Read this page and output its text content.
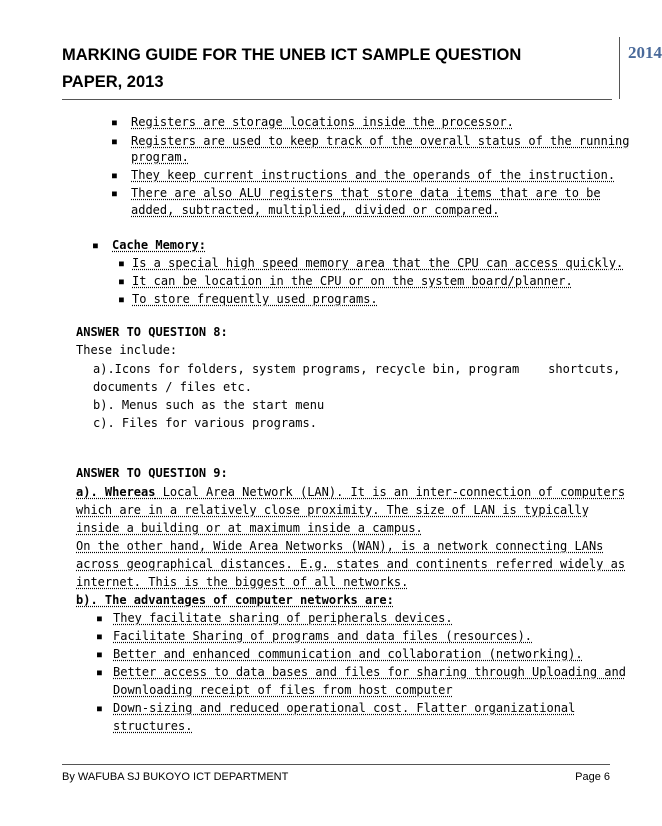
MARKING GUIDE FOR THE UNEB ICT SAMPLE QUESTION
PAPER, 2013
2014
■ Registers are storage locations inside the processor.
■ Registers are used to keep track of the overall status of the running
program.
■ They keep current instructions and the operands of the instruction.
■ There are also ALU registers that store data items that are to be
added, subtracted, multiplied, divided or compared.
■ Cache Memory:
■ Is a special high speed memory area that the CPU can access quickly.
■ It can be location in the CPU or on the system board/planner.
■ To store frequently used programs.
ANSWER TO QUESTION 8:
These include:
a).Icons for folders, system programs, recycle bin, program    shortcuts,
documents / files etc.
b). Menus such as the start menu
c). Files for various programs.
ANSWER TO QUESTION 9:
a). Whereas Local Area Network (LAN). It is an inter-connection of computers
which are in a relatively close proximity. The size of LAN is typically
inside a building or at maximum inside a campus.
On the other hand, Wide Area Networks (WAN), is a network connecting LANs
across geographical distances. E.g. states and continents referred widely as
internet. This is the biggest of all networks.
b). The advantages of computer networks are:
■ They facilitate sharing of peripherals devices.
■ Facilitate Sharing of programs and data files (resources).
■ Better and enhanced communication and collaboration (networking).
■ Better access to data bases and files for sharing through Uploading and
Downloading receipt of files from host computer
■ Down-sizing and reduced operational cost. Flatter organizational
structures.
By WAFUBA SJ BUKOYO ICT DEPARTMENT	Page 6
